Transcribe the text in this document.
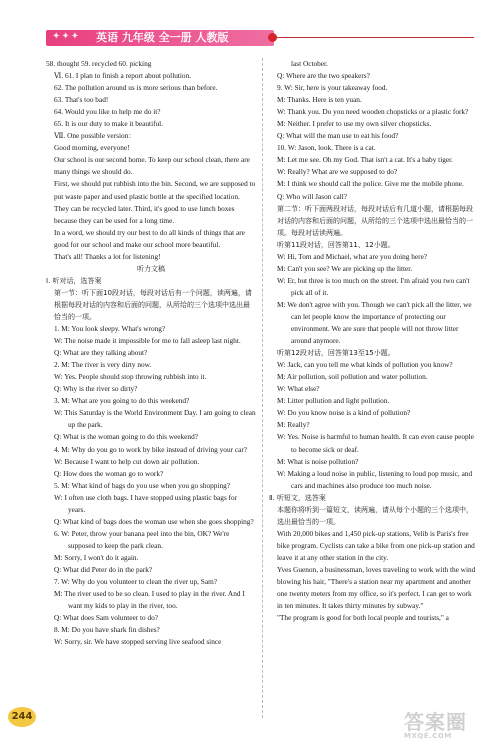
✦✦✦ 英语 九年级 全一册 人教版

58. thought 59. recycled 60. picking

Ⅵ. 61. I plan to finish a report about pollution.

62. The pollution around us is more serious than before.

63. That's too bad!

64. Would you like to help me do it?

65. It is our duty to make it beautiful.

Ⅶ. One possible version：

Good morning, everyone!

Our school is our second home. To keep our school clean, there are many things we should do.

First, we should put rubbish into the bin. Second, we are supposed to put waste paper and used plastic bottle at the specified location. They can be recycled later. Third, it's good to use lunch boxes because they can be used for a long time.

In a word, we should try our best to do all kinds of things that are good for our school and make our school more beautiful.

That's all! Thanks a lot for listening!

听力文稿

Ⅰ. 听对话，选答案

第一节：听下面10段对话，每段对话后有一个问题，读两遍，请根据每段对话的内容和后面的问题，从所给的三个选项中选出最恰当的一项。

1. M: You look sleepy. What's wrong?

W: The noise made it impossible for me to fall asleep last night.

Q: What are they talking about?

2. M: The river is very dirty now.

W: Yes. People should stop throwing rubbish into it.

Q: Why is the river so dirty?

3. M: What are you going to do this weekend?

W: This Saturday is the World Environment Day. I am going to clean up the park.

Q: What is the woman going to do this weekend?

4. M: Why do you go to work by bike instead of driving your car?

W: Because I want to help cut down air pollution.

Q: How does the woman go to work?

5. M: What kind of bags do you use when you go shopping?

W: I often use cloth bags. I have stopped using plastic bags for years.

Q: What kind of bags does the woman use when she goes shopping?

6. W: Peter, throw your banana peel into the bin, OK? We're supposed to keep the park clean.

M: Sorry, I won't do it again.

Q: What did Peter do in the park?

7. W: Why do you volunteer to clean the river up, Sam?

M: The river used to be so clean. I used to play in the river. And I want my kids to play in the river, too.

Q: What does Sam volunteer to do?

8. M: Do you have shark fin dishes?

W: Sorry, sir. We have stopped serving live seafood since

last October.

Q: Where are the two speakers?

9. W: Sir, here is your takeaway food.

M: Thanks. Here is ten yuan.

W: Thank you. Do you need wooden chopsticks or a plastic fork?

M: Neither. I prefer to use my own silver chopsticks.

Q: What will the man use to eat his food?

10. W: Jason, look. There is a cat.

M: Let me see. Oh my God. That isn't a cat. It's a baby tiger.

W: Really? What are we supposed to do?

M: I think we should call the police. Give me the mobile phone.

Q: Who will Jason call?

第二节：听下面两段对话，每段对话后有几道小题，请根据每段对话的内容和后面的问题，从所给的三个选项中选出最恰当的一项。每段对话读两遍。

听第11段对话，回答第11、12小题。

W: Hi, Tom and Michael, what are you doing here?

M: Can't you see? We are picking up the litter.

W: Er, but three is too much on the street. I'm afraid you two can't pick all of it.

M: We don't agree with you. Though we can't pick all the litter, we can let people know the importance of protecting our environment. We are sure that people will not throw litter around anymore.

听第12段对话，回答第13至15小题。

W: Jack, can you tell me what kinds of pollution you know?

M: Air pollution, soil pollution and water pollution.

W: What else?

M: Litter pollution and light pollution.

W: Do you know noise is a kind of pollution?

M: Really?

W: Yes. Noise is harmful to human health. It can even cause people to become sick or deaf.

M: What is noise pollution?

W: Making a loud noise in public, listening to loud pop music, and cars and machines also produce too much noise.

Ⅱ. 听短文，选答案

本题你将听到一篇短文，读两遍，请从每个小题的三个选项中，选出最恰当的一项。

With 20,000 bikes and 1,450 pick-up stations, Velib is Paris's free bike program. Cyclists can take a bike from one pick-up station and leave it at any other station in the city.

Yves Guenon, a businessman, loves traveling to work with the wind blowing his hair, "There's a station near my apartment and another one twenty meters from my office, so it's perfect. I can get to work in ten minutes. It takes thirty minutes by subway."

"The program is good for both local people and tourists," a

244	答案圈
MXQE.COM
